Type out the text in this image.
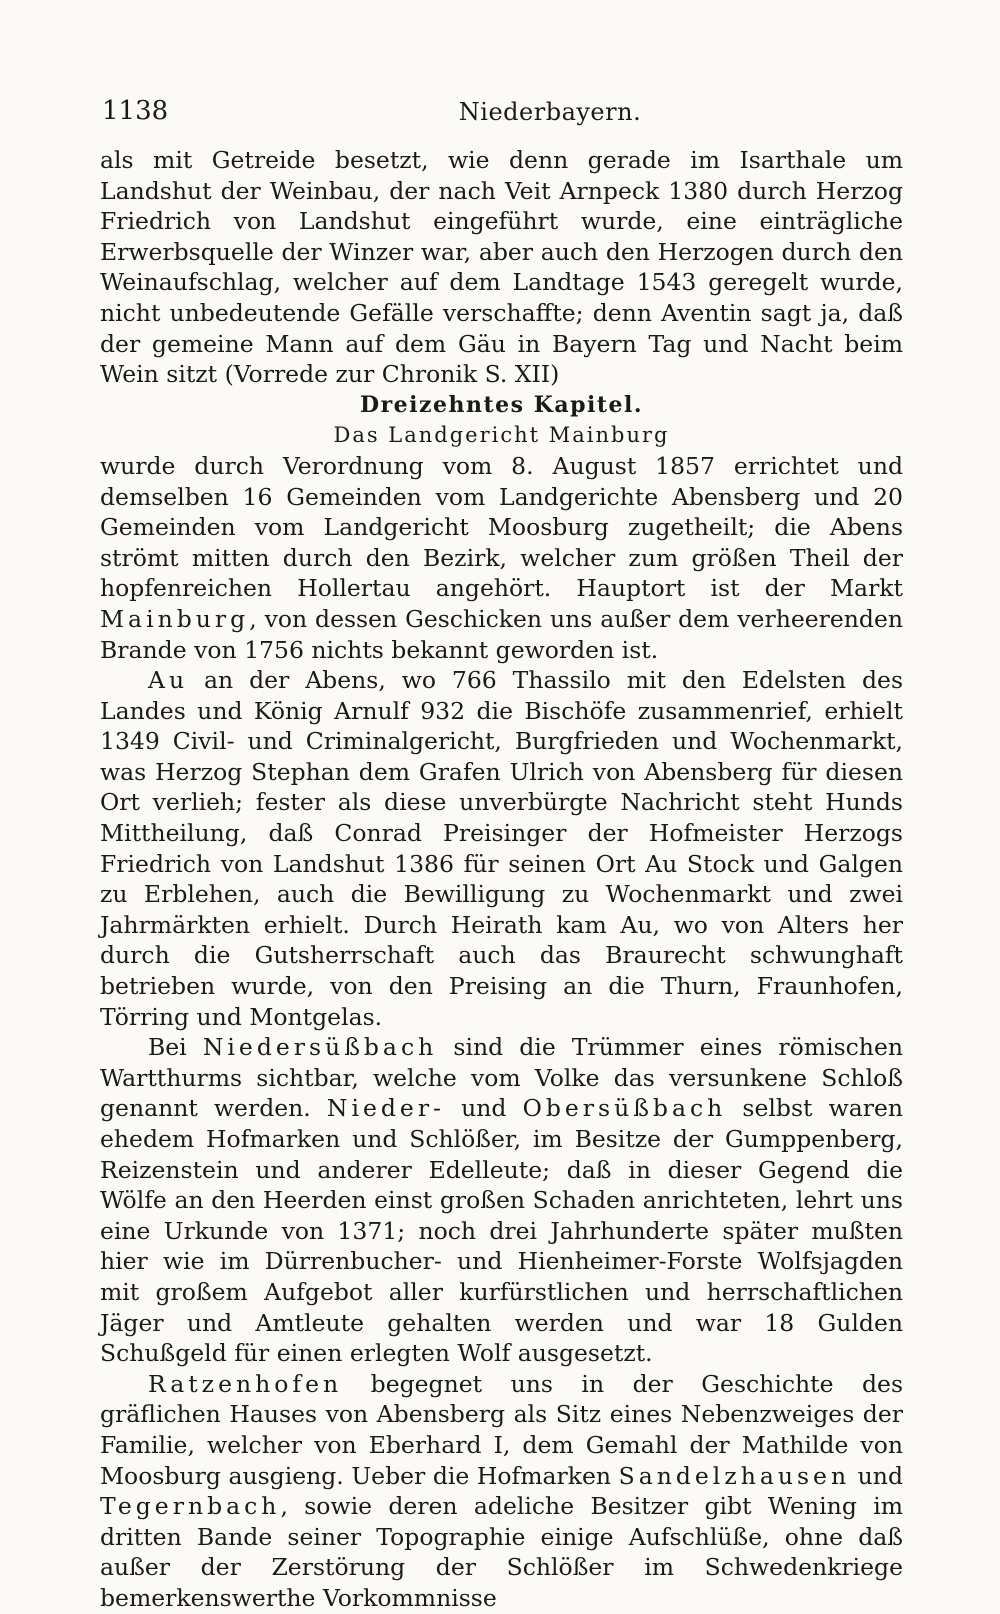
1138	Niederbayern.

als mit Getreide besetzt, wie denn gerade im Isarthale um Landshut der Weinbau, der nach Veit Arnpeck 1380 durch Herzog Friedrich von Landshut eingeführt wurde, eine einträgliche Erwerbsquelle der Winzer war, aber auch den Herzogen durch den Weinaufschlag, welcher auf dem Landtage 1543 geregelt wurde, nicht unbedeutende Gefälle verschaffte; denn Aventin sagt ja, daß der gemeine Mann auf dem Gäu in Bayern Tag und Nacht beim Wein sitzt (Vorrede zur Chronik S. XII)

Dreizehntes Kapitel.

Das Landgericht Mainburg

wurde durch Verordnung vom 8. August 1857 errichtet und demselben 16 Gemeinden vom Landgerichte Abensberg und 20 Gemeinden vom Landgericht Moosburg zugetheilt; die Abens strömt mitten durch den Bezirk, welcher zum größen Theil der hopfenreichen Hollertau angehört. Hauptort ist der Markt Mainburg, von dessen Geschicken uns außer dem verheerenden Brande von 1756 nichts bekannt geworden ist.

Au an der Abens, wo 766 Thassilo mit den Edelsten des Landes und König Arnulf 932 die Bischöfe zusammenrief, erhielt 1349 Civil- und Criminalgericht, Burgfrieden und Wochenmarkt, was Herzog Stephan dem Grafen Ulrich von Abensberg für diesen Ort verlieh; fester als diese unverbürgte Nachricht steht Hunds Mittheilung, daß Conrad Preisinger der Hofmeister Herzogs Friedrich von Landshut 1386 für seinen Ort Au Stock und Galgen zu Erblehen, auch die Bewilligung zu Wochenmarkt und zwei Jahrmärkten erhielt. Durch Heirath kam Au, wo von Alters her durch die Gutsherrschaft auch das Braurecht schwunghaft betrieben wurde, von den Preising an die Thurn, Fraunhofen, Törring und Montgelas.

Bei Niedersüßbach sind die Trümmer eines römischen Wartthurms sichtbar, welche vom Volke das versunkene Schloß genannt werden. Nieder- und Obersüßbach selbst waren ehedem Hofmarken und Schlößer, im Besitze der Gumppenberg, Reizenstein und anderer Edelleute; daß in dieser Gegend die Wölfe an den Heerden einst großen Schaden anrichteten, lehrt uns eine Urkunde von 1371; noch drei Jahrhunderte später mußten hier wie im Dürrenbucher- und Hienheimer-Forste Wolfsjagden mit großem Aufgebot aller kurfürstlichen und herrschaftlichen Jäger und Amtleute gehalten werden und war 18 Gulden Schußgeld für einen erlegten Wolf ausgesetzt.

Ratzenhofen begegnet uns in der Geschichte des gräflichen Hauses von Abensberg als Sitz eines Nebenzweiges der Familie, welcher von Eberhard I, dem Gemahl der Mathilde von Moosburg ausgieng. Ueber die Hofmarken Sandelzhausen und Tegernbach, sowie deren adeliche Besitzer gibt Wening im dritten Bande seiner Topographie einige Aufschlüße, ohne daß außer der Zerstörung der Schlößer im Schwedenkriege bemerkenswerthe Vorkommnisse
